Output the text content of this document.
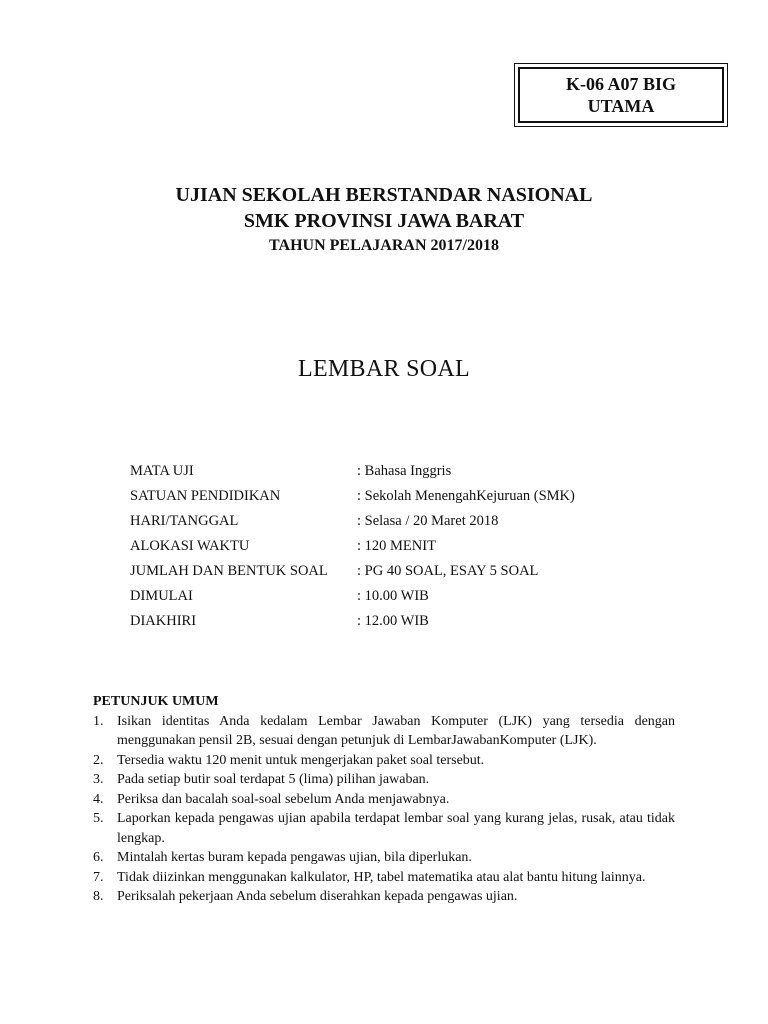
K-06 A07 BIG
UTAMA
UJIAN SEKOLAH BERSTANDAR NASIONAL
SMK PROVINSI JAWA BARAT
TAHUN PELAJARAN 2017/2018
LEMBAR SOAL
MATA UJI	: Bahasa Inggris
SATUAN PENDIDIKAN	: Sekolah MenengahKejuruan (SMK)
HARI/TANGGAL	: Selasa / 20 Maret 2018
ALOKASI WAKTU	: 120 MENIT
JUMLAH DAN BENTUK SOAL	: PG 40 SOAL, ESAY 5 SOAL
DIMULAI	: 10.00 WIB
DIAKHIRI	: 12.00 WIB
PETUNJUK UMUM
1. Isikan identitas Anda kedalam Lembar Jawaban Komputer (LJK) yang tersedia dengan menggunakan pensil 2B, sesuai dengan petunjuk di LembarJawabanKomputer (LJK).
2. Tersedia waktu 120 menit untuk mengerjakan paket soal tersebut.
3. Pada setiap butir soal terdapat 5 (lima) pilihan jawaban.
4. Periksa dan bacalah soal-soal sebelum Anda menjawabnya.
5. Laporkan kepada pengawas ujian apabila terdapat lembar soal yang kurang jelas, rusak, atau tidak lengkap.
6. Mintalah kertas buram kepada pengawas ujian, bila diperlukan.
7. Tidak diizinkan menggunakan kalkulator, HP, tabel matematika atau alat bantu hitung lainnya.
8. Periksalah pekerjaan Anda sebelum diserahkan kepada pengawas ujian.
